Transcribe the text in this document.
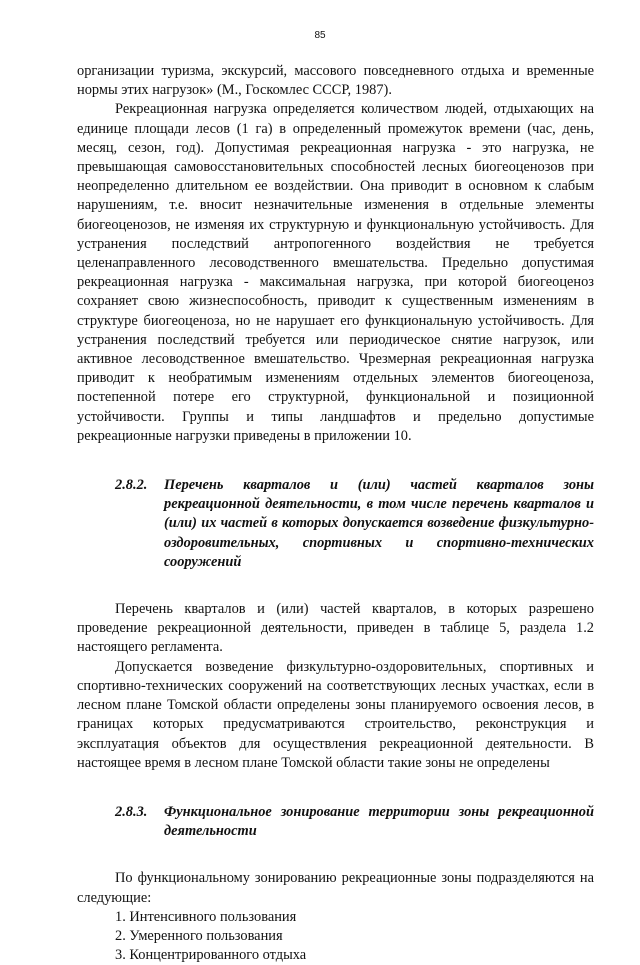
85

организации туризма, экскурсий, массового повседневного отдыха и временные нормы этих нагрузок» (М., Госкомлес СССР, 1987).

Рекреационная нагрузка определяется количеством людей, отдыхающих на единице площади лесов (1 га) в определенный промежуток времени (час, день, месяц, сезон, год). Допустимая рекреационная нагрузка - это нагрузка, не превышающая самовосстановительных способностей лесных биогеоценозов при неопределенно длительном ее воздействии. Она приводит в основном к слабым нарушениям, т.е. вносит незначительные изменения в отдельные элементы биогеоценозов, не изменяя их структурную и функциональную устойчивость. Для устранения последствий антропогенного воздействия не требуется целенаправленного лесоводственного вмешательства. Предельно допустимая рекреационная нагрузка - максимальная нагрузка, при которой биогеоценоз сохраняет свою жизнеспособность, приводит к существенным изменениям в структуре биогеоценоза, но не нарушает его функциональную устойчивость. Для устранения последствий требуется или периодическое снятие нагрузок, или активное лесоводственное вмешательство. Чрезмерная рекреационная нагрузка приводит к необратимым изменениям отдельных элементов биогеоценоза, постепенной потере его структурной, функциональной и позиционной устойчивости. Группы и типы ландшафтов и предельно допустимые рекреационные нагрузки приведены в приложении 10.

2.8.2. Перечень кварталов и (или) частей кварталов зоны рекреационной деятельности, в том числе перечень кварталов и (или) их частей в которых допускается возведение физкультурно-оздоровительных, спортивных и спортивно-технических сооружений

Перечень кварталов и (или) частей кварталов, в которых разрешено проведение рекреационной деятельности, приведен в таблице 5, раздела 1.2 настоящего регламента.

Допускается возведение физкультурно-оздоровительных, спортивных и спортивно-технических сооружений на соответствующих лесных участках, если в лесном плане Томской области определены зоны планируемого освоения лесов, в границах которых предусматриваются строительство, реконструкция и эксплуатация объектов для осуществления рекреационной деятельности. В настоящее время в лесном плане Томской области такие зоны не определены

2.8.3. Функциональное зонирование территории зоны рекреационной деятельности

По функциональному зонированию рекреационные зоны подразделяются на следующие:

1. Интенсивного пользования
2. Умеренного пользования
3. Концентрированного отдыха
